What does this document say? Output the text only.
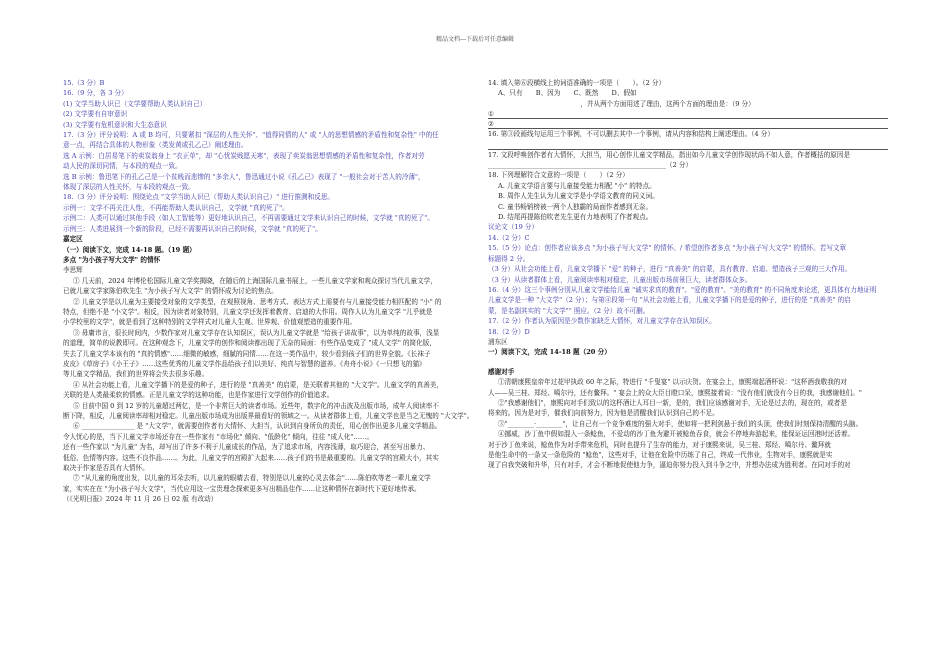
精品文档---下载后可任意编辑
15.（3 分）B
16.（9 分，各 3 分）
(1) 文学当助人识已（文学要帮助人类认识自己）
(2) 文学要有自审意识
(3) 文学要有危机意识和大生态意识
17.（3 分）评分说明：A 或 B 均可，只要紧扣 "深层的人性关怀"、"值得同情的人" 或 "人的思想情感的矛盾性和复杂性" 中的任
意一点，再结合具体的人物形象（类发黄或孔乙己）阐述理由。
选 A 示例：白居易笔下的卖炭翁身上 "衣正单"，却 "心忧炭贱愿天寒"，表现了卖炭翁思想情感的矛盾性和复杂性，作者对劳
动人民的深切同情，与本段的观点一致。
选 B 示例：鲁迅笔下的孔乙己是一个贫贱而悲惨的 "多余人"，鲁迅通过小说《孔乙己》表现了 "一般社会对于苦人的冷薄"，
体现了深层的人性关怀，与本段的观点一致。
18.（3 分）评分说明：围绕论点 "文学当助人识已（帮助人类认识自己）" 进行推测和反思。
示例一：文学不再关注人性，不再能帮助人类认识自己，文学就 "真的死了"。
示例二：人类可以通过其他手段（如人工智能等）更好地认识自己，不再需要通过文学来认识自己的时候，文学就 "真的死了"。
示例三：人类进展到一个新的阶段，已经不需要再认识自己的时候，文学就 "真的死了"。
嘉定区
（一）阅读下文，完成 14-18 题。（19 题）
多点 "为小孩子写大文学" 的情怀
李思辉
① 几天前，2024 年博伦松国际儿童文学奖揭晓，在随后的上海国际儿童书展上，一些儿童文学家和观众探讨当代儿童文学，
已就儿童文学家陈伯吹先生 "为小孩子写大文学" 的情怀成为讨论的焦点。
② 儿童文学是以儿童为主要接受对象的文学类型，在观照视角、思考方式、表达方式上需要有与儿童接受能力相匹配的 "小" 的
特点，但绝不是 "小文学"。相反，因为读者对象特别，儿童文学还发挥着教育、启迪的大作用。周作人认为儿童文学 "儿乎就是
小学校里的文学"，就是看到了这种特别的文学样式对儿童人生观、世界观、价值观塑造的重要作用。
③ 毋庸讳言，很长时间内，少数作家对儿童文学存在认知误区，误认为儿童文学就是 "给孩子讲故事"，以为单纯的故事，浅显
的道理，简单的说教即可。在这种观念下，儿童文学的创作和阅读都出现了无奈的局面：有些作品变成了 "成人文学" 的简化版，
失去了儿童文学本该有的 "真的情感"……细微的敏感，细腻的同情……在这一类作品中，较少看到孩子们的世界全貌。《长袜子
皮皮》《草房子》《小王子》……这些优秀的儿童文学作品给孩子们以美好、纯真与智慧的滋养。《舟舟小说》《一只想飞的猫》
等儿童文学精品，我们的世界将会失去很多乐趣。
④ 从社会功能上看，儿童文学播下的是爱的种子，进行的是 "真善美" 的启蒙，是关联着其他的 "大文学"。儿童文学的真善美，
关联的是人类最柔软的情感。正是儿童文学的这种功能，也是作家进行文学创作的价值追求。
⑤ 目前中国 0 到 12 岁的儿童超过两亿，是一个非常巨大的读者市场。近些年，数字化的冲击波及出版市场，成年人阅读率不
断下降，相反，儿童阅读率却相对稳定。儿童出版市场成为出版界最看好的领域之一。从读者群体上看，儿童文学也是当之无愧的 "大文学"。
⑥ ________________ 是 "大文学"，就需要创作者有大情怀、大担当，认识到自身所负的责任，用心创作出更多儿童文学精品。
令人忧心的是，当下儿童文学市场还存在一些作家有 "市场化" 倾向、"低龄化" 倾向，往往 "成人化"……。
还有一些作家以 "为儿童" 为名，却写出了许多不利于儿童成长的作品，为了追求市场，内容浅薄，取巧迎合，甚至写出暴力、
低俗、色情等内容。这些不良作品……。为此，儿童文学的宫殿扩大起来……孩子们的书是最重要的。儿童文学的宫殿大小，其实
取决于作家是否具有大情怀。
⑦ "从儿童的角度出发，以儿童的耳朵去听，以儿童的眼睛去看，特别是以儿童的心灵去体会"……陈伯吹等老一辈儿童文学
家，实实在在 "为小孩子写大文学"，当代应用这一宝贵理念探索更多写出精品佳作……让这种情怀在新时代下更好地传承。
（《光明日报》2024 年 11 月 26 日 02 版 有改动）
14. 填入第⑥段横线上的词语准确的一项是（　　）。（2 分）
A、只有　　B、因为　　C、既然　　D、假如
　　　　　　　　　　　　　　，并从两个方面用述了理由，这两个方面的理由是：（9 分）
①
②
16. 第③段画线句运用三个事例，不可以删去其中一个事例，请从内容和结构上阐述理由。（4 分）
17. 文段呼唤创作者有大情怀，大担当，用心创作儿童文学精品，指出如今儿童文学创作现状尚不如人意，作者概括的原因是
______________________________________________________（2 分）
18. 下列理解符合文意的一项是（　　）（2 分）
A. 儿童文学语言要与儿童接受能力相配 "小" 的特点。
B. 周作人先生认为儿童文学是小学语文教育的同义词。
C. 童书畅销榜被一两个人独霸的局面作者感到无奈。
D. 结尾再提陈伯吹老先生更有力地表明了作者观点。
议论文（19 分）
14.（2 分）C
15.（5 分）论点：创作者应该多点 "为小孩子写大文学" 的情怀。/ 希望创作者多点 "为小孩子写大文学" 的情怀。若写文章
标题得 2 分。
（3 分）从社会功能上看，儿童文学播下 "爱" 的种子，进行 "真善美" 的启蒙，具有教育、启迪、塑造孩子三观的三大作用。
（3 分）从读者群体上看，儿童阅读率相对稳定，儿童出版市场前景巨大，读者群体众多。
16.（4 分）这三个事例分别从儿童文学能给儿童 "诚实求真的教育"、"爱的教育"、"美的教育" 的不同角度来论述，更具体有力地证明
儿童文学是一种 "大文学"（2 分）；与第④段第一句 "从社会功能上看，儿童文学播下的是爱的种子，进行的是 "真善美" 的启
蒙，是名副其实的 "大文学"" 照应。（2 分）故不可删。
17.（2 分）作者认为原因是少数作家缺乏大情怀，对儿童文学存在认知误区。
18.（2 分）D
浦东区
一）阅读下文，完成 14-18 题（20 分）
感谢对手
①清朝康熙皇帝年过花甲执政 60 年之际，特进行 "千叟宴" 以示庆贺。在宴会上，康熙端起酒杯说："这杯酒我敬我的对
人——吴三桂、郑经、噶尔丹，还有鳌拜。" 宴会上的众大臣目瞪口呆，康熙接着说："没有他们就没有今日的我，我感谢他们。"
②"我感谢他们"，康熙向对手们致以的这杯酒让人耳目一新，是的，我们应该感谢对手，无论是过去的，现在的，或者是
将来的。因为是对手，催我们向前努力，因为他是清醒我们认识到自己的不足。
③"________·________"，让自己有一个竞争难度的强大对手，使如将一把利剑悬于我们的头顶，使我们时刻保持清醒的头脑。
④挪威，沙丁鱼中假如混入一条鲶鱼，不爱动的沙丁鱼为避开被鲶鱼吞食，就会不停地奔游起来，能保证运回港时还活着。
对于沙丁鱼来说，鲶鱼作为对手带来危机，同时也提升了生存的能力，对于康熙来说，吴三桂、郑经、噶尔丹、鳌拜就
是他生命中的一条又一条危险的 "鲶鱼"，这些对手，让他在危险中历练了自己，终成一代伟业，生物对手，康熙就是实
现了自我突破和升华，只有对手，才会不断地促使他力争，逼迫你努力投入到斗争之中，并想办法成为胜利者。在同对手的对
